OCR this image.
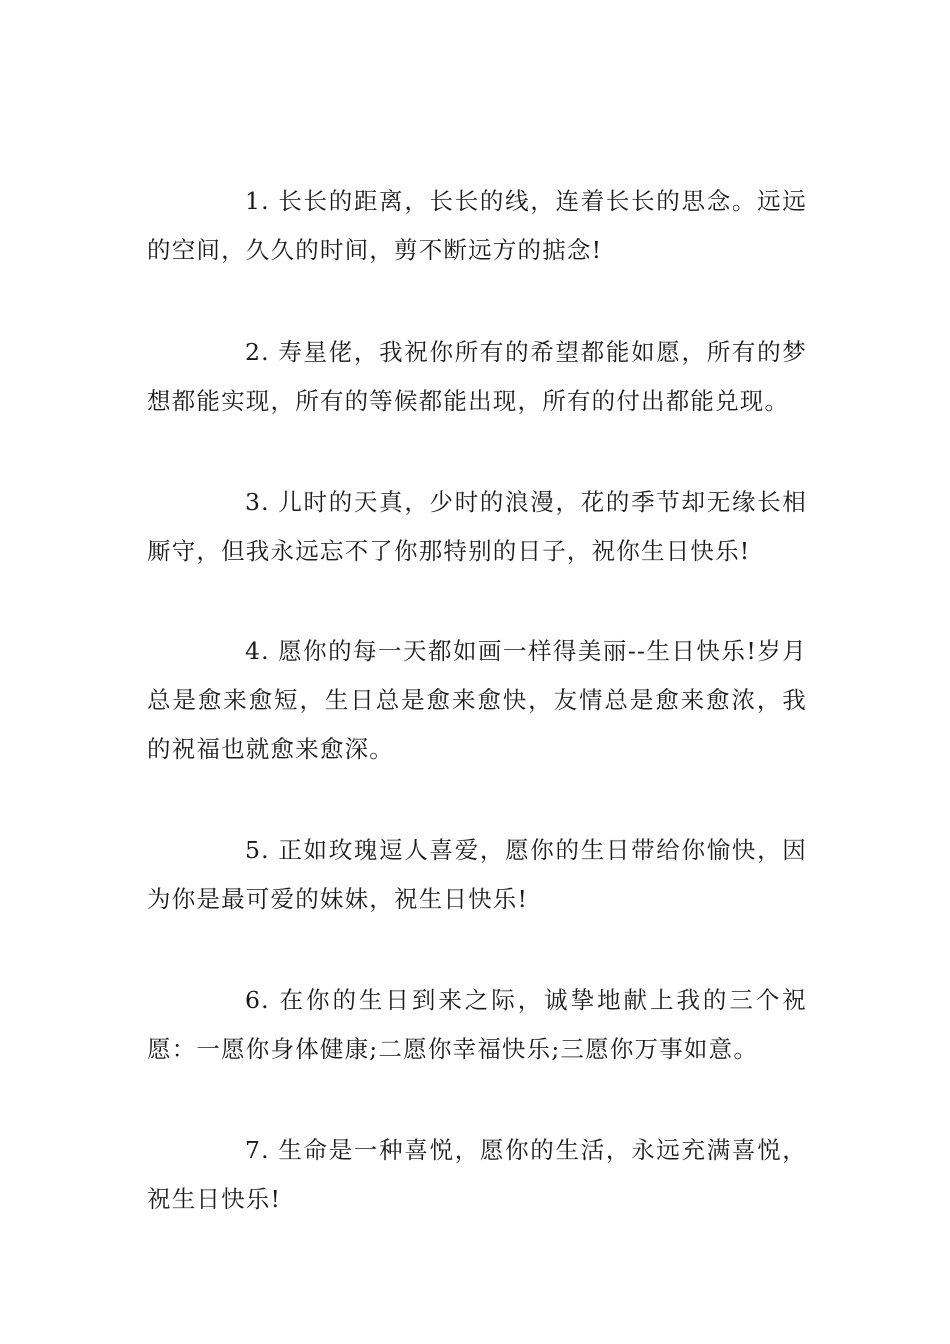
1. 长长的距离，长长的线，连着长长的思念。远远的空间，久久的时间，剪不断远方的掂念!

2. 寿星佬，我祝你所有的希望都能如愿，所有的梦想都能实现，所有的等候都能出现，所有的付出都能兑现。

3. 儿时的天真，少时的浪漫，花的季节却无缘长相厮守，但我永远忘不了你那特别的日子，祝你生日快乐!

4. 愿你的每一天都如画一样得美丽--生日快乐!岁月总是愈来愈短，生日总是愈来愈快，友情总是愈来愈浓，我的祝福也就愈来愈深。

5. 正如玫瑰逗人喜爱，愿你的生日带给你愉快，因为你是最可爱的妹妹，祝生日快乐!

6. 在你的生日到来之际，诚挚地献上我的三个祝愿：一愿你身体健康;二愿你幸福快乐;三愿你万事如意。

7. 生命是一种喜悦，愿你的生活，永远充满喜悦，祝生日快乐!
